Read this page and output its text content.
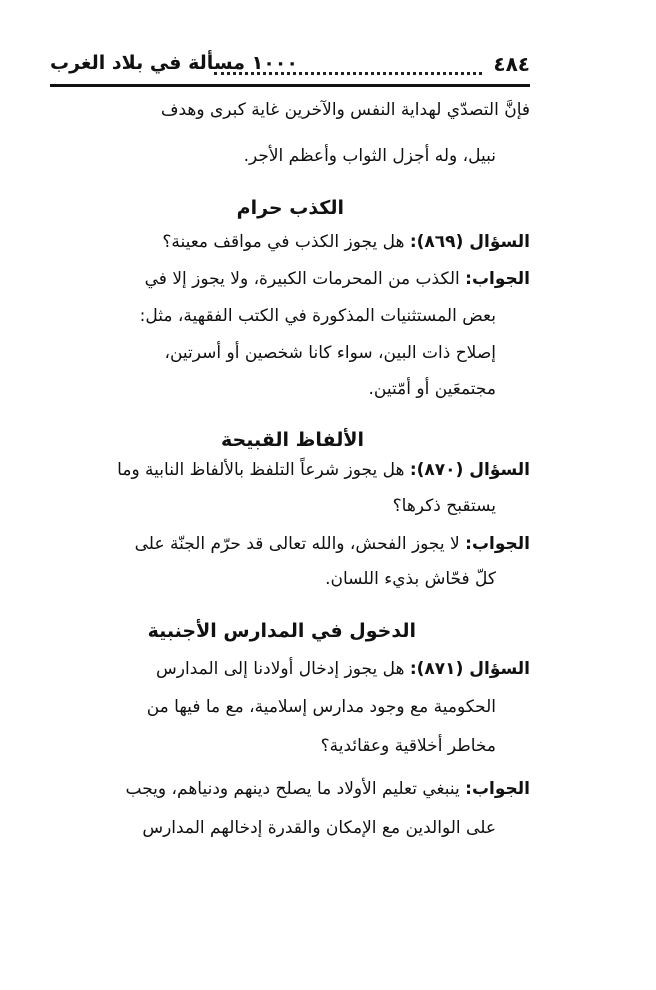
٤٨٤
١٠٠٠ مسألة في بلاد الغرب
فإنَّ التصدّي لهداية النفس والآخرين غاية كبرى وهدف
نبيل، وله أجزل الثواب وأعظم الأجر.
الكذب حرام
السؤال (٨٦٩): هل يجوز الكذب في مواقف معينة؟
الجواب: الكذب من المحرمات الكبيرة، ولا يجوز إلا في
بعض المستثنيات المذكورة في الكتب الفقهية، مثل:
إصلاح ذات البين، سواء كانا شخصين أو أسرتين،
مجتمعَين أو أمّتين.
الألفاظ القبيحة
السؤال (٨٧٠): هل يجوز شرعاً التلفظ بالألفاظ النابية وما
يستقبح ذكرها؟
الجواب: لا يجوز الفحش، والله تعالى قد حرّم الجنّة على
كلّ فحّاش بذيء اللسان.
الدخول في المدارس الأجنبية
السؤال (٨٧١): هل يجوز إدخال أولادنا إلى المدارس
الحكومية مع وجود مدارس إسلامية، مع ما فيها من
مخاطر أخلاقية وعقائدية؟
الجواب: ينبغي تعليم الأولاد ما يصلح دينهم ودنياهم، ويجب
على الوالدين مع الإمكان والقدرة إدخالهم المدارس
